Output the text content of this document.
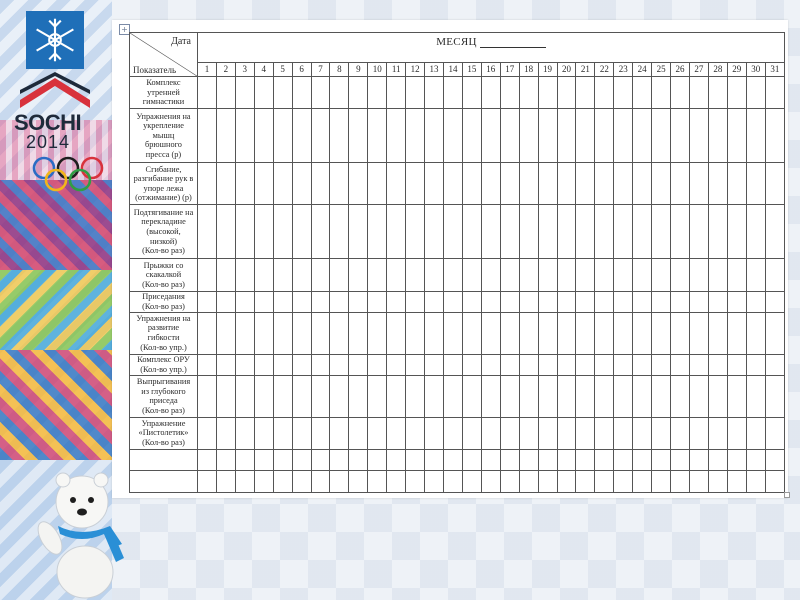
SOCHI
2014
+
Дата
Показатель	МЕСЯЦ																														
	1	2	3	4	5	6	7	8	9	10	11	12	13	14	15	16	17	18	19	20	21	22	23	24	25	26	27	28	29	30	31

Комплекс
утренней
гимнастики																															

Упражнения на
укрепление
мышц
брюшного
пресса (р)																															

Сгибание,
разгибание рук в
упоре лежа
(отжимание) (р)																															

Подтягивание на
перекладине
(высокой,
низкой)
(Кол-во раз)																															

Прыжки со
скакалкой
(Кол-во раз)																															

Приседания
(Кол-во раз)																															

Упражнения на
развитие
гибкости
(Кол-во упр.)																															

Комплекс ОРУ
(Кол-во упр.)																															

Выпрыгивания
из глубокого
приседа
(Кол-во раз)																															

Упражнение
«Пистолетик»
(Кол-во раз)																															
